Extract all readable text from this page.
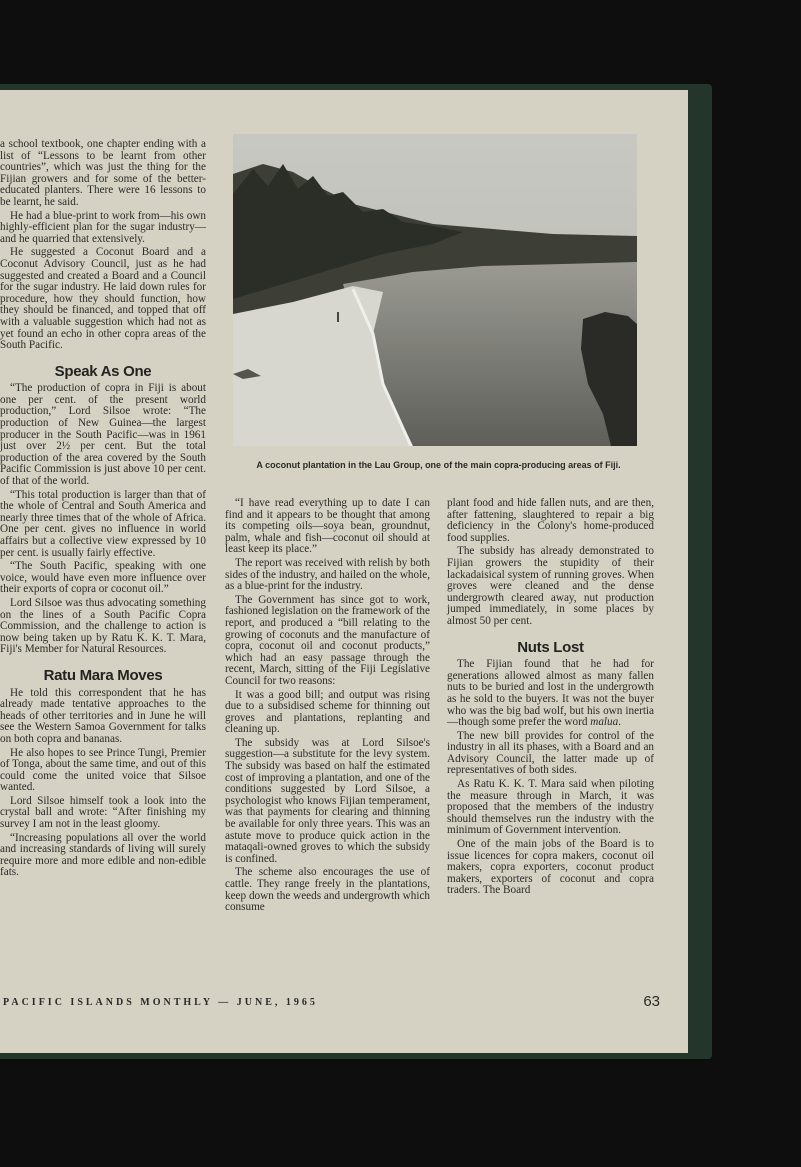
a school textbook, one chapter ending with a list of “Lessons to be learnt from other countries”, which was just the thing for the Fijian growers and for some of the better-educated planters. There were 16 lessons to be learnt, he said.

He had a blue-print to work from—his own highly-efficient plan for the sugar industry—and he quarried that extensively.

He suggested a Coconut Board and a Coconut Advisory Council, just as he had suggested and created a Board and a Council for the sugar industry. He laid down rules for procedure, how they should function, how they should be financed, and topped that off with a valuable suggestion which had not as yet found an echo in other copra areas of the South Pacific.

Speak As One

“The production of copra in Fiji is about one per cent. of the present world production,” Lord Silsoe wrote: “The production of New Guinea—the largest producer in the South Pacific—was in 1961 just over 2½ per cent. But the total production of the area covered by the South Pacific Commission is just above 10 per cent. of that of the world.

“This total production is larger than that of the whole of Central and South America and nearly three times that of the whole of Africa. One per cent. gives no influence in world affairs but a collective view expressed by 10 per cent. is usually fairly effective.

“The South Pacific, speaking with one voice, would have even more influence over their exports of copra or coconut oil.”

Lord Silsoe was thus advocating something on the lines of a South Pacific Copra Commission, and the challenge to action is now being taken up by Ratu K. K. T. Mara, Fiji's Member for Natural Resources.

Ratu Mara Moves

He told this correspondent that he has already made tentative approaches to the heads of other territories and in June he will see the Western Samoa Government for talks on both copra and bananas.

He also hopes to see Prince Tungi, Premier of Tonga, about the same time, and out of this could come the united voice that Silsoe wanted.

Lord Silsoe himself took a look into the crystal ball and wrote: “After finishing my survey I am not in the least gloomy.

“Increasing populations all over the world and increasing standards of living will surely require more and more edible and non-edible fats.

A coconut plantation in the Lau Group, one of the main copra-producing areas of Fiji.

“I have read everything up to date I can find and it appears to be thought that among its competing oils—soya bean, groundnut, palm, whale and fish—coconut oil should at least keep its place.”

The report was received with relish by both sides of the industry, and hailed on the whole, as a blue-print for the industry.

The Government has since got to work, fashioned legislation on the framework of the report, and produced a “bill relating to the growing of coconuts and the manufacture of copra, coconut oil and coconut products,” which had an easy passage through the recent, March, sitting of the Fiji Legislative Council for two reasons:

It was a good bill; and output was rising due to a subsidised scheme for thinning out groves and plantations, replanting and cleaning up.

The subsidy was at Lord Silsoe's suggestion—a substitute for the levy system. The subsidy was based on half the estimated cost of improving a plantation, and one of the conditions suggested by Lord Silsoe, a psychologist who knows Fijian temperament, was that payments for clearing and thinning be available for only three years. This was an astute move to produce quick action in the mataqali-owned groves to which the subsidy is confined.

The scheme also encourages the use of cattle. They range freely in the plantations, keep down the weeds and undergrowth which consume

plant food and hide fallen nuts, and are then, after fattening, slaughtered to repair a big deficiency in the Colony's home-produced food supplies.

The subsidy has already demonstrated to Fijian growers the stupidity of their lackadaisical system of running groves. When groves were cleaned and the dense undergrowth cleared away, nut production jumped immediately, in some places by almost 50 per cent.

Nuts Lost

The Fijian found that he had for generations allowed almost as many fallen nuts to be buried and lost in the undergrowth as he sold to the buyers. It was not the buyer who was the big bad wolf, but his own inertia—though some prefer the word malua.

The new bill provides for control of the industry in all its phases, with a Board and an Advisory Council, the latter made up of representatives of both sides.

As Ratu K. K. T. Mara said when piloting the measure through in March, it was proposed that the members of the industry should themselves run the industry with the minimum of Government intervention.

One of the main jobs of the Board is to issue licences for copra makers, coconut oil makers, copra exporters, coconut product makers, exporters of coconut and copra traders. The Board

PACIFIC ISLANDS MONTHLY — JUNE, 1965	63
